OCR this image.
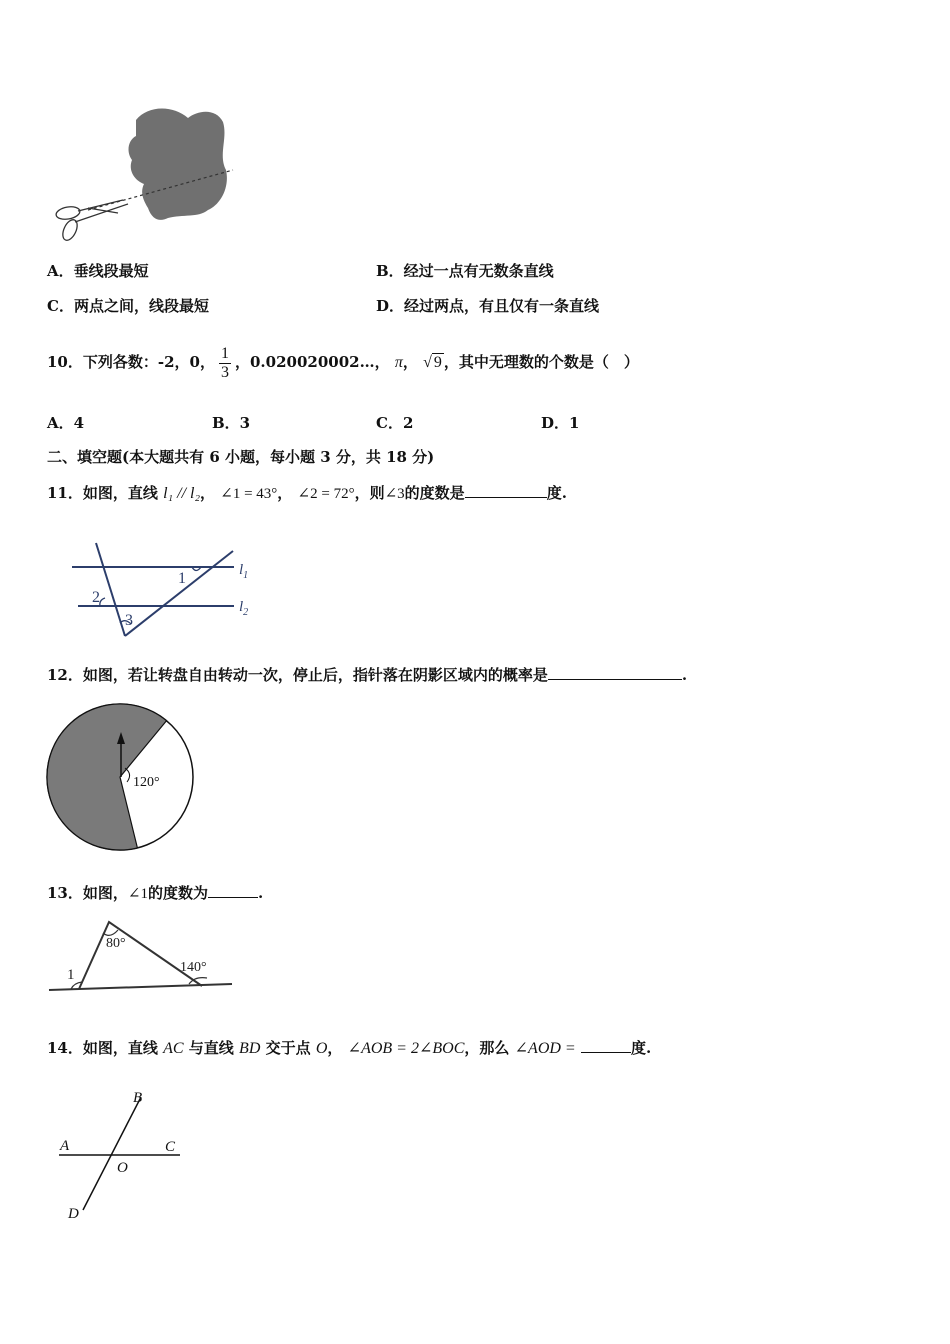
A．垂线段最短	B．经过一点有无数条直线
C．两点之间，线段最短	D．经过两点，有且仅有一条直线
10．下列各数：-2，0， $\frac{1}{3}$ ，0.020020002…， π， √ 9 ，其中无理数的个数是（　）
A．4	B．3	C．2	D．1
二、填空题(本大题共有 6 小题，每小题 3 分，共 18 分)
11．如图，直线 l₁ // l₂， ∠1 = 43°， ∠2 = 72°，则∠3的度数是	度.
1
2
3
$l_1$
$l_2$
12．如图，若让转盘自由转动一次，停止后，指针落在阴影区域内的概率是	.
120°
13．如图，∠1的度数为	.
80°
140°
1
14．如图，直线 AC 与直线 BD 交于点 O， ∠AOB = 2∠BOC，那么 ∠AOD =	度.
B
A	C
O
D
